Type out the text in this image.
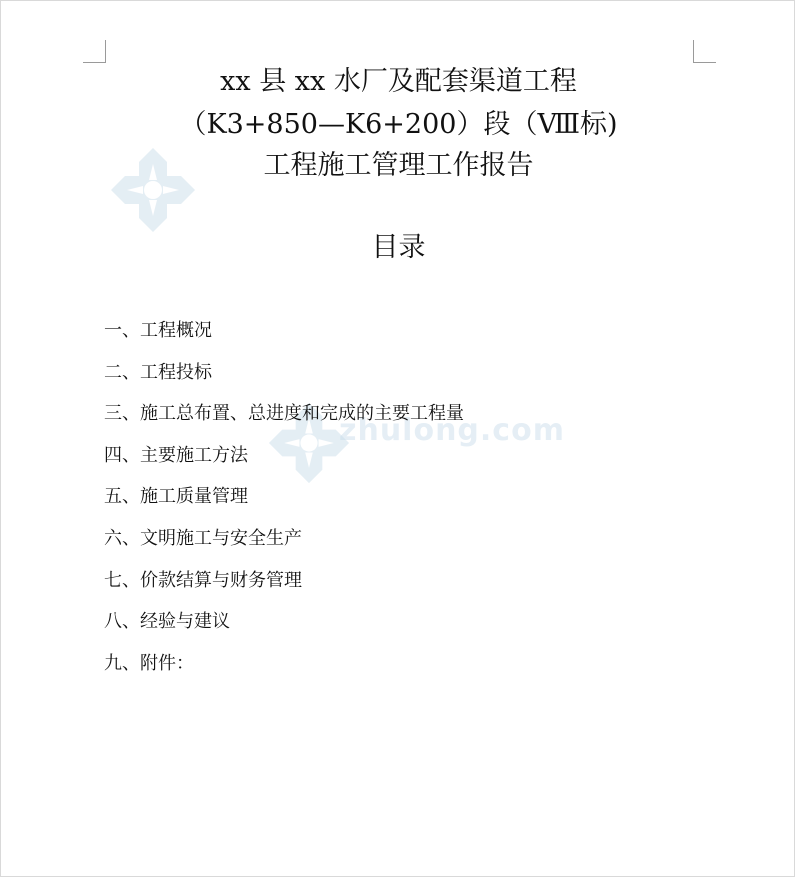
zhulong.com
xx 县 xx 水厂及配套渠道工程
（K3+850—K6+200）段（Ⅷ标)
工程施工管理工作报告
目录
一、工程概况
二、工程投标
三、施工总布置、总进度和完成的主要工程量
四、主要施工方法
五、施工质量管理
六、文明施工与安全生产
七、价款结算与财务管理
八、经验与建议
九、附件：
